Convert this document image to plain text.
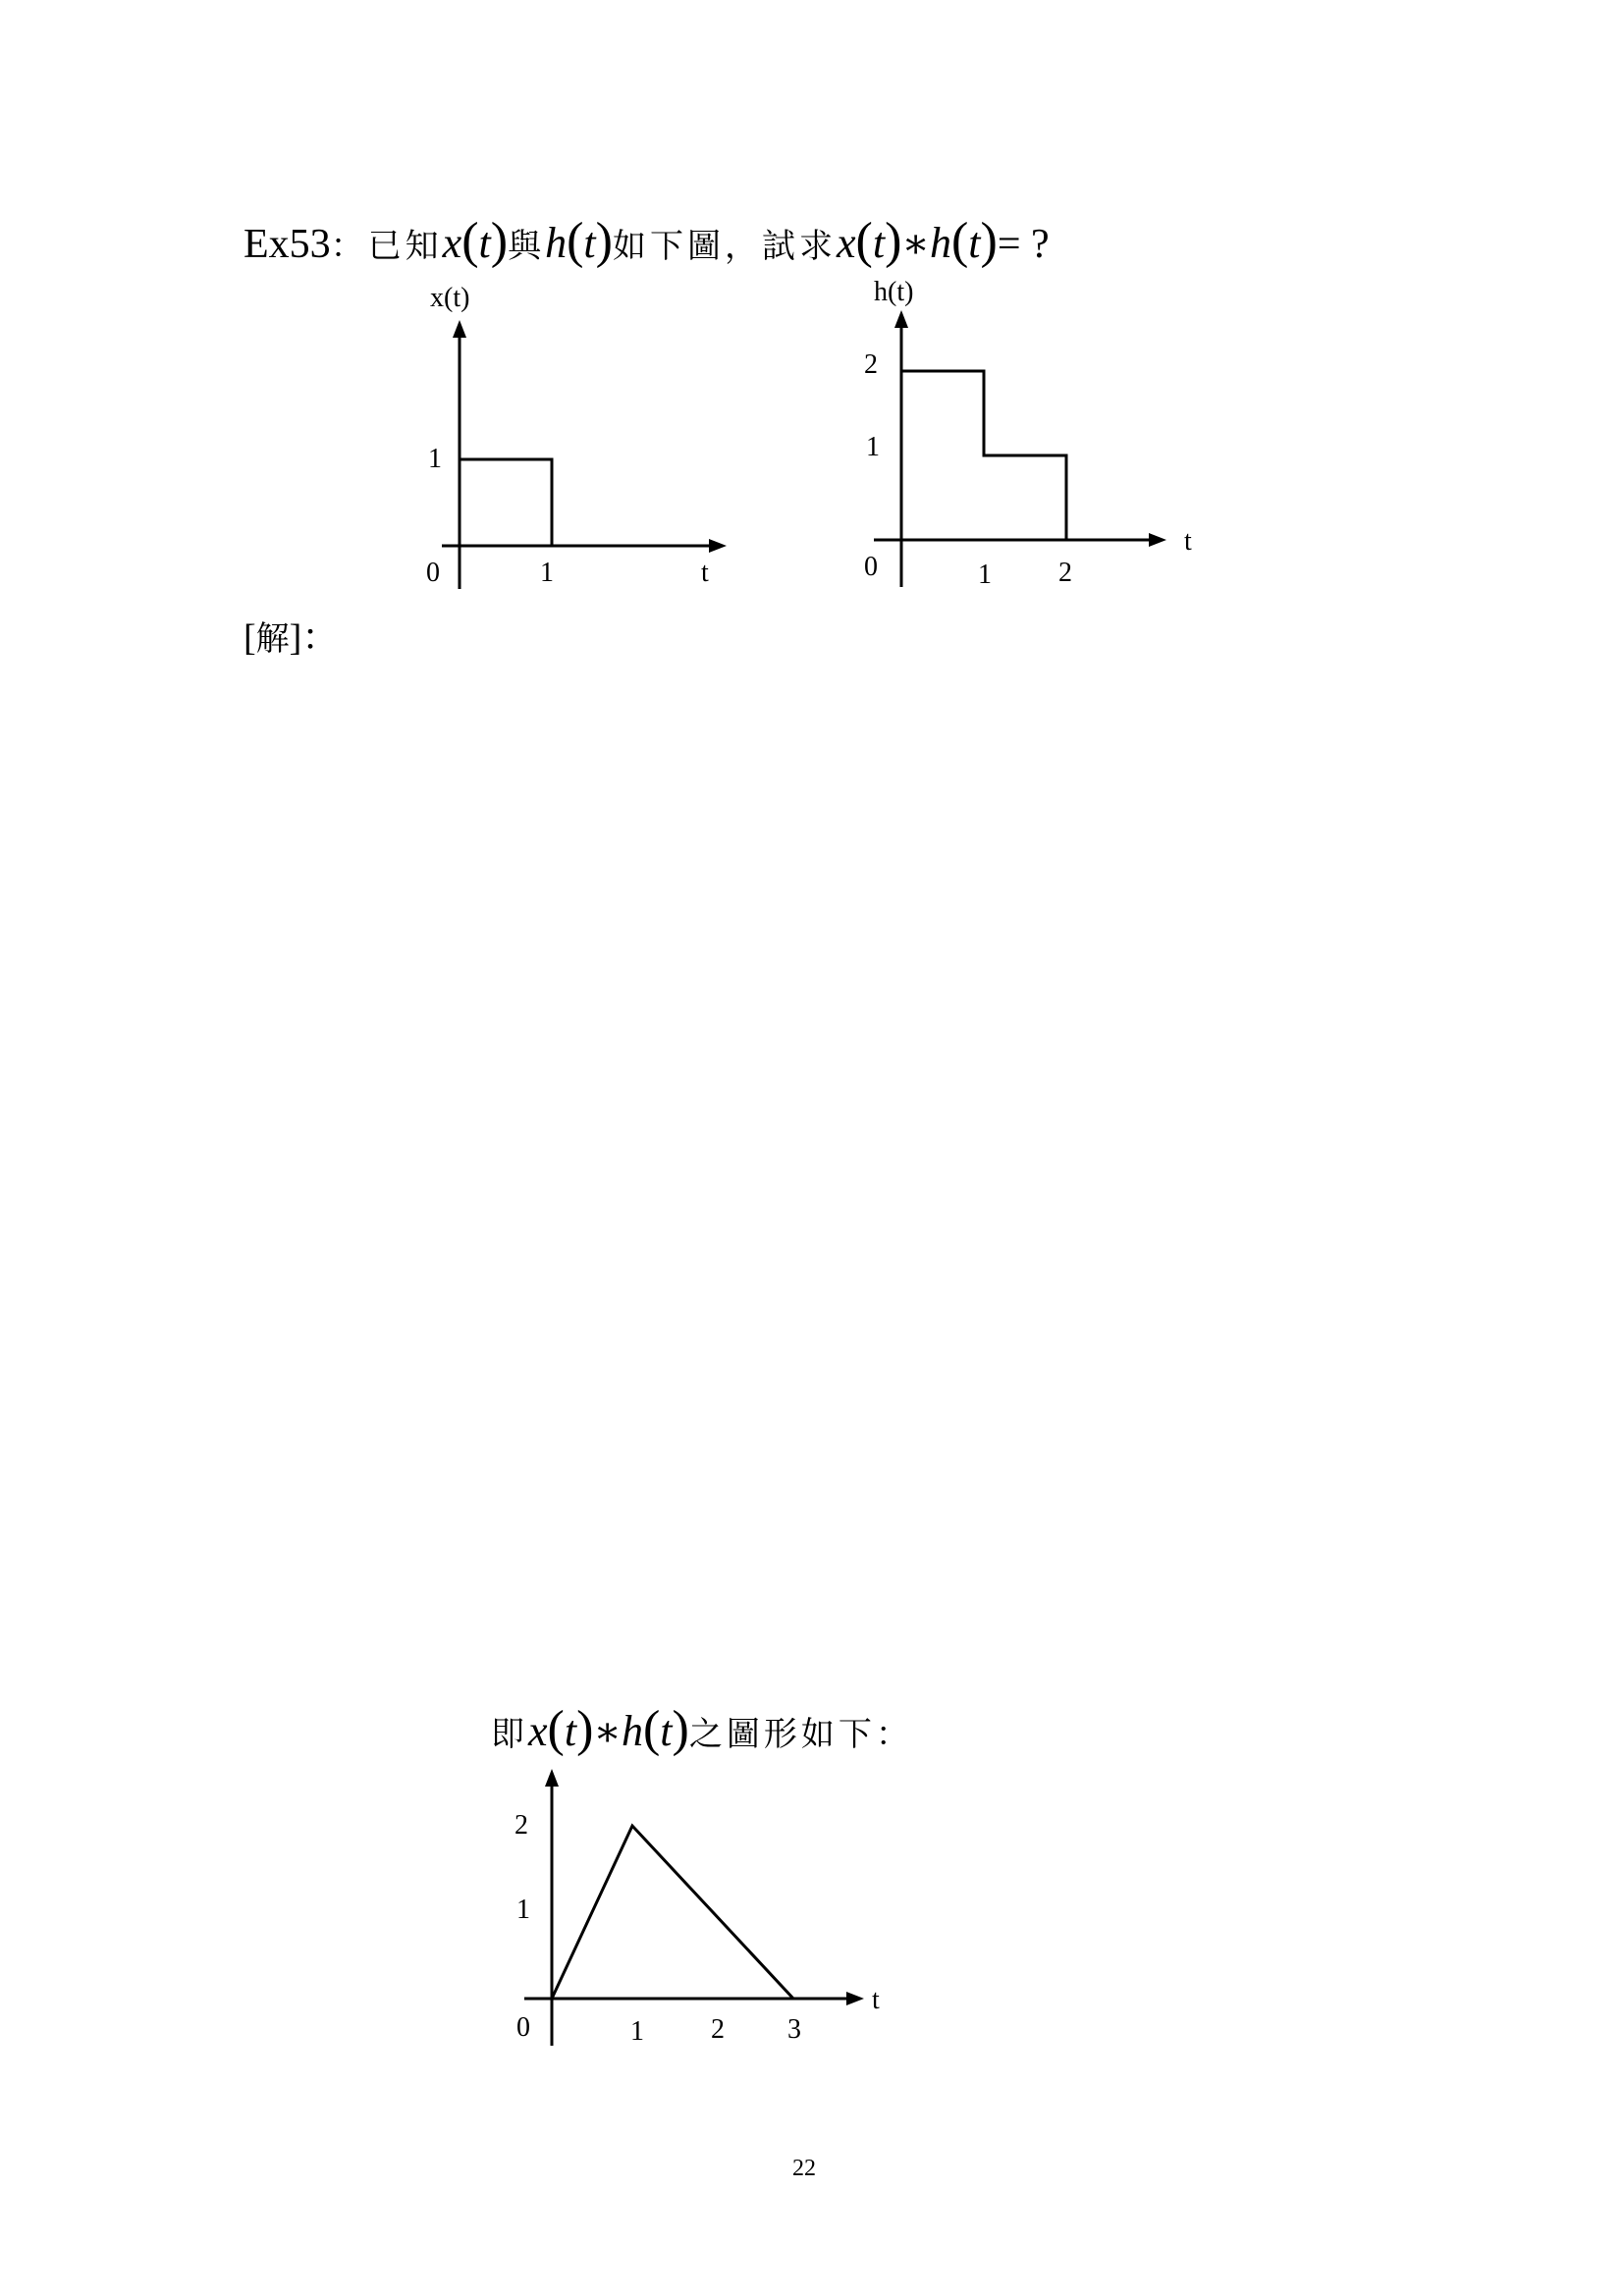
Ex53：已知x(t)與h(t)如下圖，試求x(t)∗h(t)= ?
x(t)
1
0	1	t
h(t)
2
1
0	1 2
t
[解]：
即x(t)∗h(t)之圖形如下：
2
1
0	1 2 3
t
22
